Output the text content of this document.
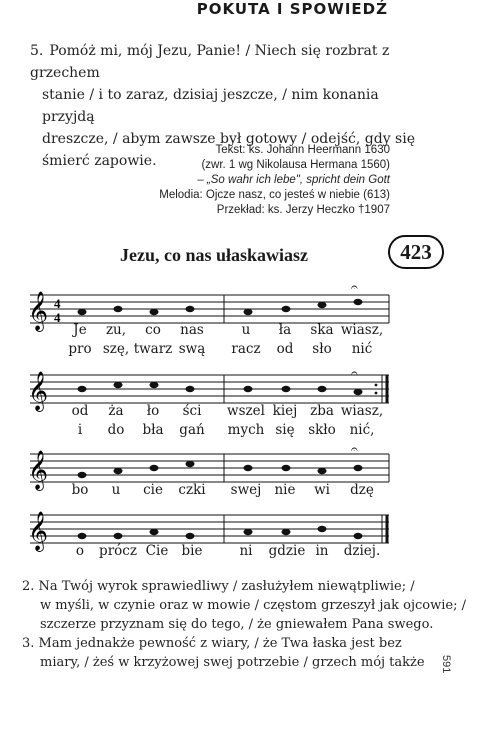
POKUTA I SPOWIEDŹ
5. Pomóż mi, mój Jezu, Panie! / Niech się rozbrat z grzechem
stanie / i to zaraz, dzisiaj jeszcze, / nim konania przyjdą
dreszcze, / abym zawsze był gotowy / odejść, gdy się
śmierć zapowie.
Tekst: ks. Johann Heermann 1630
(zwr. 1 wg Nikolausa Hermana 1560)
– „So wahr ich lebe", spricht dein Gott
Melodia: Ojcze nasz, co jesteś w niebie (613)
Przekład: ks. Jerzy Heczko †1907
Jezu, co nas ułaskawiasz	423
𝄞 4
4
𝄐
Je zu, co nas	u ła ska wiasz,
pro szę, twarz swą racz od sło nić
𝄞	𝄐
od ża ło ści wszel kiej zba wiasz,
i do bła gań mych się skło nić,
𝄞
𝄐
bo u cie czki swej nie wi dzę
𝄞 o prócz Cie bie	ni gdzie in dziej.
2. Na Twój wyrok sprawiedliwy / zasłużyłem niewątpliwie; /
w myśli, w czynie oraz w mowie / częstom grzeszył jak ojcowie; /
szczerze przyznam się do tego, / że gniewałem Pana swego.
3. Mam jednakże pewność z wiary, / że Twa łaska jest bez
miary, / żeś w krzyżowej swej potrzebie / grzech mój także	591
